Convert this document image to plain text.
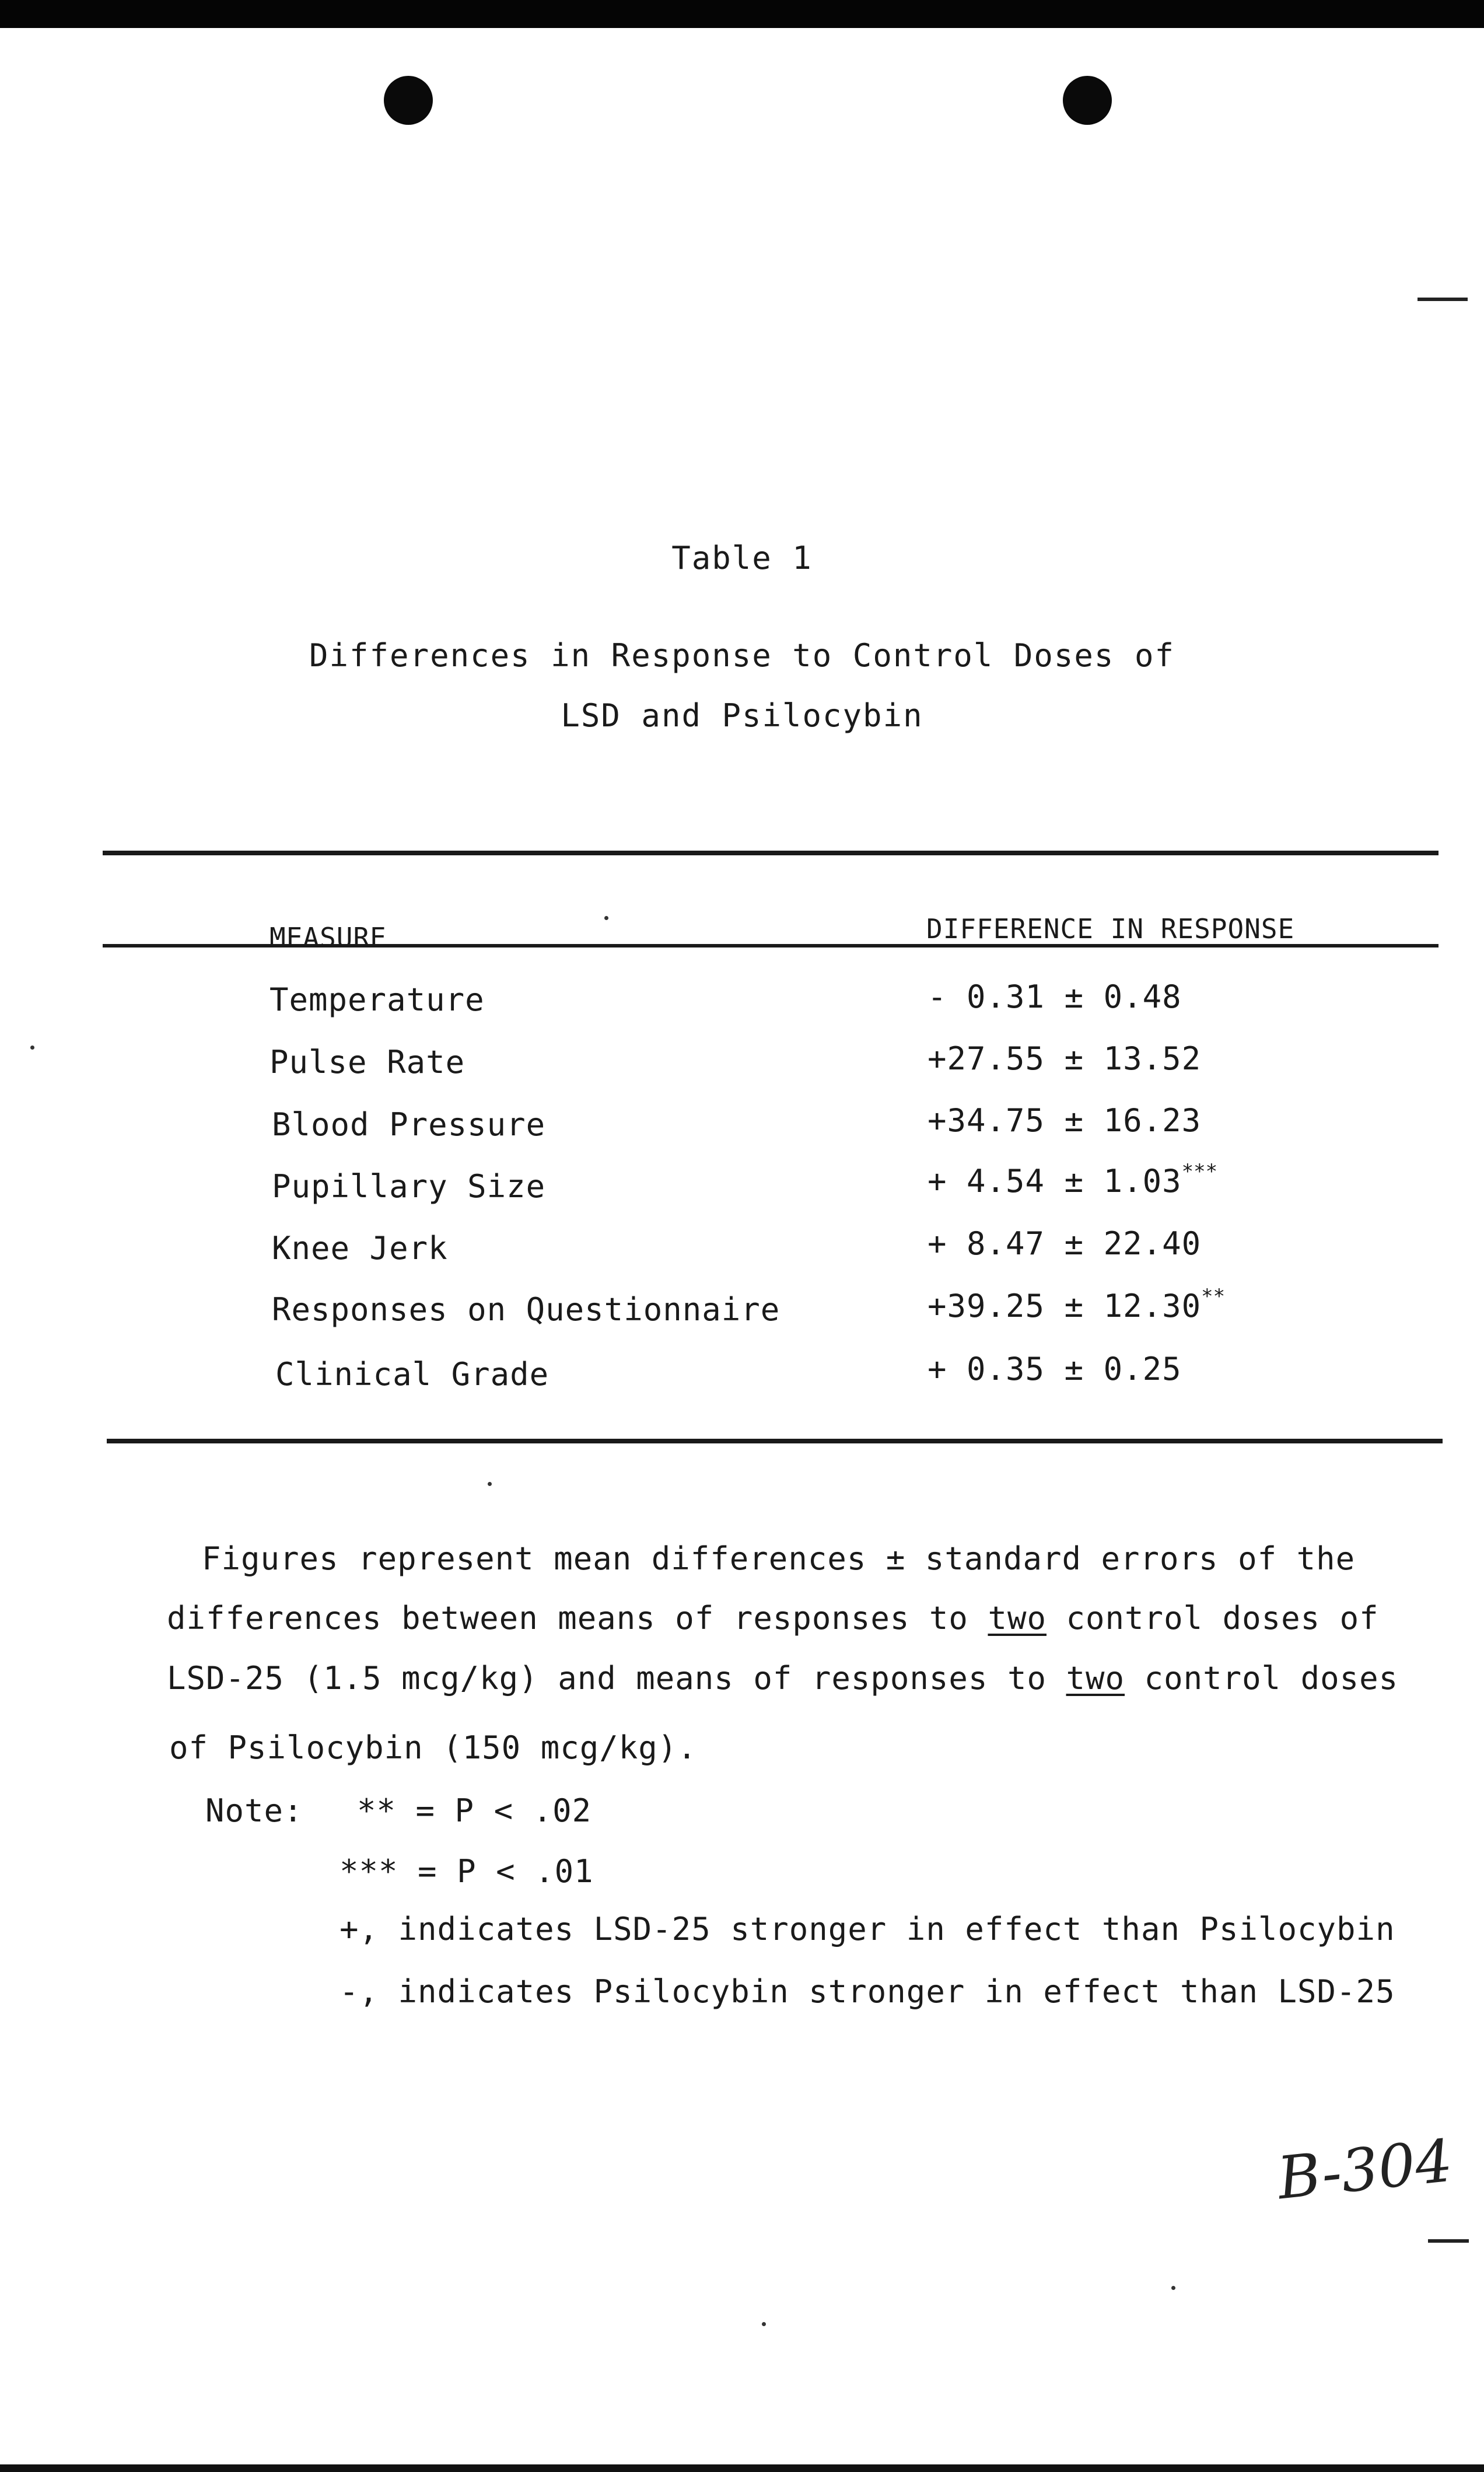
Table 1
Differences in Response to Control Doses of
LSD and Psilocybin
MEASURE	DIFFERENCE IN RESPONSE
Temperature	- 0.31 ± 0.48
Pulse Rate	+27.55 ± 13.52
Blood Pressure	+34.75 ± 16.23
Pupillary Size	+ 4.54 ± 1.03***
Knee Jerk	+ 8.47 ± 22.40
Responses on Questionnaire	+39.25 ± 12.30**
Clinical Grade	+ 0.35 ± 0.25
Figures represent mean differences ± standard errors of the
differences between means of responses to two control doses of
LSD-25 (1.5 mcg/kg) and means of responses to two control doses
of Psilocybin (150 mcg/kg).
Note: ** = P < .02
*** = P < .01
+, indicates LSD-25 stronger in effect than Psilocybin
-, indicates Psilocybin stronger in effect than LSD-25
B-304
